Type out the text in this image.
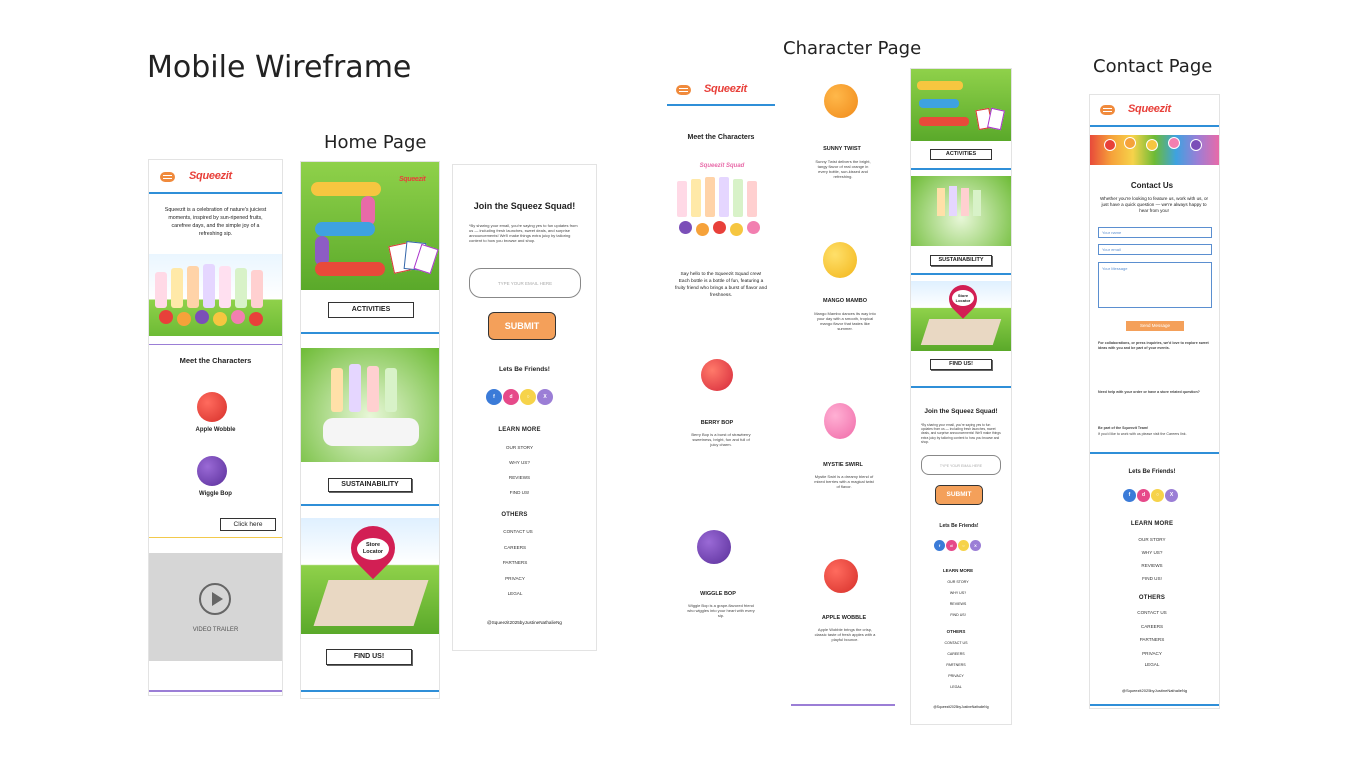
Mobile Wireframe
Home Page
Character Page
Contact Page
Squeezit
Squeezit is a celebration of nature's juiciest moments, inspired by sun-ripened fruits, carefree days, and the simple joy of a refreshing sip.
Meet the Characters
Apple Wobble
Wiggle Bop
Click here
VIDEO TRAILER
Squeezit
ACTIVITIES
SUSTAINABILITY
Store Locator
FIND US!
Join the Squeez Squad!
*By sharing your email, you're saying yes to fun updates from us — including fresh launches, sweet deals, and surprise announcements! We'll make things extra juicy by tailoring content to how you browse and shop.
TYPE YOUR EMAIL HERE
SUBMIT
Lets Be Friends!
f	d	○	X
LEARN MORE
OUR STORY
WHY US?
REVIEWS
FIND US!
OTHERS
CONTACT US
CAREERS
PARTNERS
PRIVACY
LEGAL
@Squeezit2025byJustineNathalieNg
Squeezit
Meet the Characters
Squeezit Squad
Say hello to the Squeezit Squad crew! Each bottle is a bottle of fun, featuring a fruity friend who brings a burst of flavor and freshness.
BERRY BOP
Berry Bop is a burst of strawberry sweetness, bright, fun and full of juicy charm.
WIGGLE BOP
Wiggle Bop is a grape-flavored friend who wiggles into your heart with every sip.
SUNNY TWIST
Sunny Twist delivers the bright, tangy flavor of real orange in every bottle, sun-kissed and refreshing.
MANGO MAMBO
Mango Mambo dances its way into your day with a smooth, tropical mango flavor that tastes like summer.
MYSTIE SWIRL
Mystie Swirl is a dreamy blend of mixed berries with a magical twist of flavor.
APPLE WOBBLE
Apple Wobble brings the crisp, classic taste of fresh apples with a playful bounce.
ACTIVITIES
SUSTAINABILITY
Store Locator
FIND US!
Join the Squeez Squad!
*By sharing your email, you're saying yes to fun updates from us — including fresh launches, sweet deals, and surprise announcements! We'll make things extra juicy by tailoring content to how you browse and shop.
TYPE YOUR EMAIL HERE
SUBMIT
Lets Be Friends!
f	d	○	X
LEARN MORE
OUR STORY
WHY US?
REVIEWS
FIND US!
OTHERS
CONTACT US
CAREERS
PARTNERS
PRIVACY
LEGAL
@Squeezit2025byJustineNathalieNg
Squeezit
Contact Us
Whether you're looking to feature us, work with us, or just have a quick question — we're always happy to hear from you!
Your name
Your email
Your Message
Send Message
For collaborations, or press inquiries, we'd love to explore sweet ideas with you and be part of your events.
Need help with your order or have a store related question?
Be part of the Squeezit Team!
If you'd like to work with us please visit the Careers link.
Lets Be Friends!
f	d	○	X
LEARN MORE
OUR STORY
WHY US?
REVIEWS
FIND US!
OTHERS
CONTACT US
CAREERS
PARTNERS
PRIVACY
LEGAL
@Squeezit2025byJustineNathalieNg
